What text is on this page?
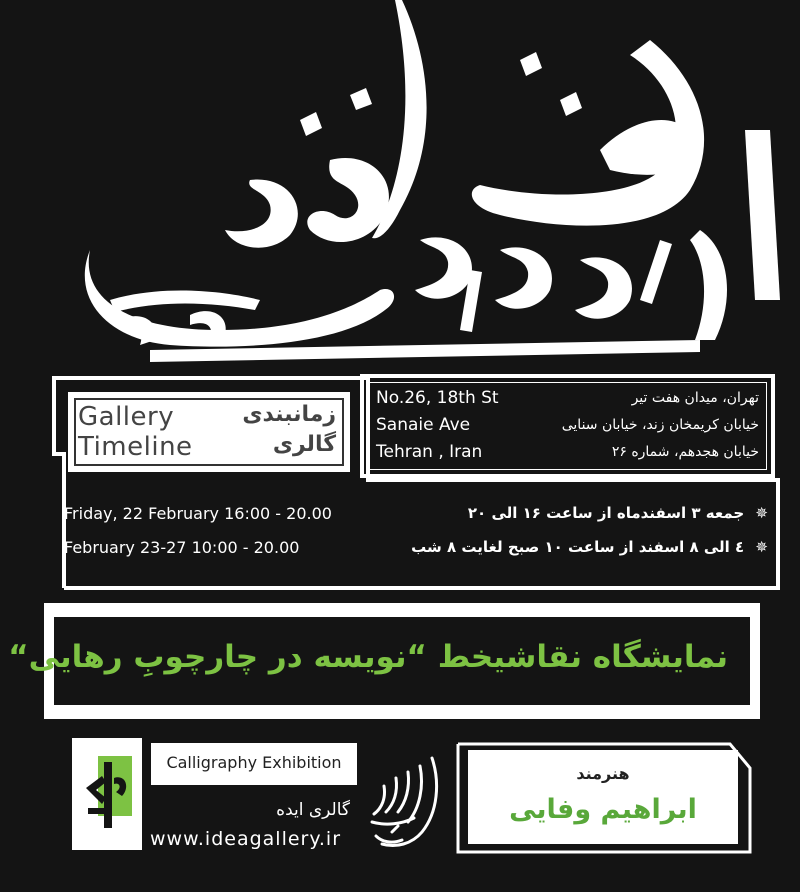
Gallery
Timeline
زمانبندی
گالری
No.26, 18th St
Sanaie Ave
Tehran , Iran
تهران، میدان هفت تیر
خیابان کریمخان زند، خیابان سنایی
خیابان هجدهم، شماره ۲۶
Friday, 22 February 16:00 - 20.00	✵ جمعه ۳ اسفندماه از ساعت ۱۶ الی ۲۰
February 23-27 10:00 - 20.00	✵ ٤ الی ۸ اسفند از ساعت ۱۰ صبح لغایت ۸ شب
نمایشگاه نقاشیخط “نویسه در چارچوبِ رهایی“
Calligraphy Exhibition
گالری ایده
www.ideagallery.ir
هنرمند
ابراهیم وفایی
